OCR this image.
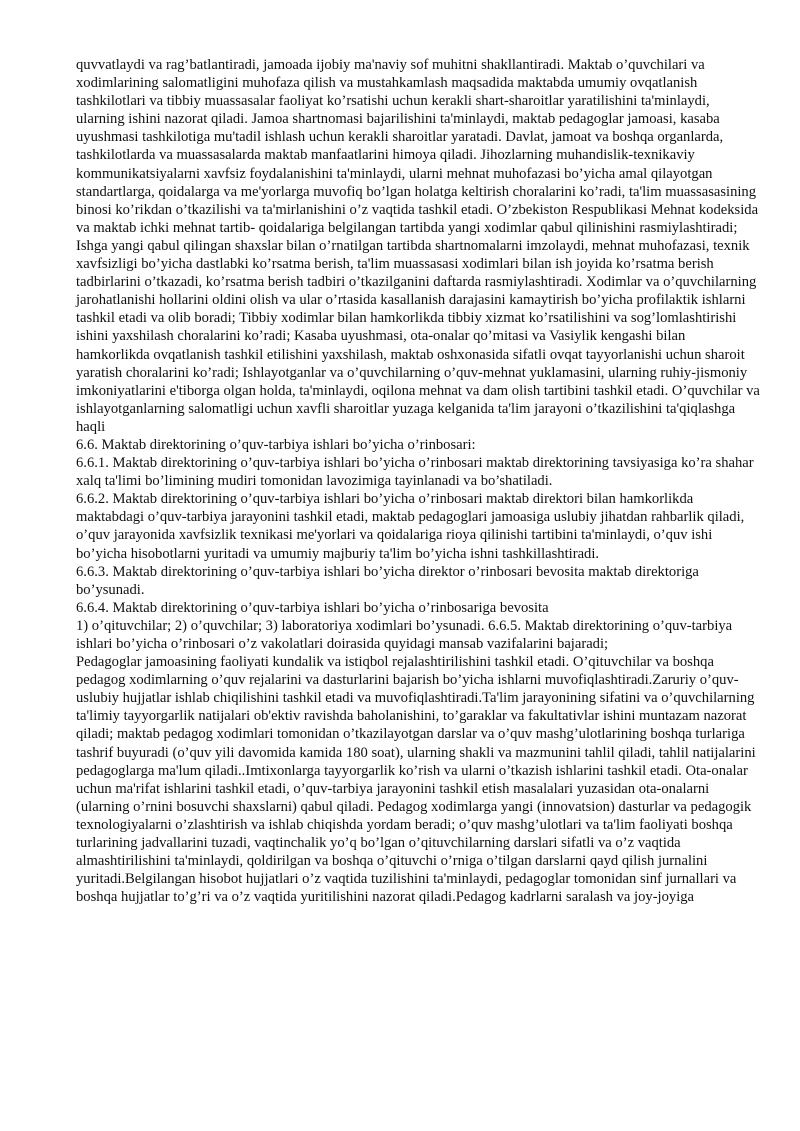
quvvatlaydi va rag’batlantiradi, jamoada ijobiy ma'naviy sof muhitni shakllantiradi. Maktab o’quvchilari va xodimlarining salomatligini muhofaza qilish va mustahkamlash maqsadida maktabda umumiy ovqatlanish tashkilotlari va tibbiy muassasalar faoliyat ko’rsatishi uchun kerakli shart-sharoitlar yaratilishini ta'minlaydi, ularning ishini nazorat qiladi. Jamoa shartnomasi bajarilishini ta'minlaydi, maktab pedagoglar jamoasi, kasaba uyushmasi tashkilotiga mu'tadil ishlash uchun kerakli sharoitlar yaratadi. Davlat, jamoat va boshqa organlarda, tashkilotlarda va muassasalarda maktab manfaatlarini himoya qiladi. Jihozlarning muhandislik-texnikaviy kommunikatsiyalarni xavfsiz foydalanishini ta'minlaydi, ularni mehnat muhofazasi bo’yicha amal qilayotgan standartlarga, qoidalarga va me'yorlarga muvofiq bo’lgan holatga keltirish choralarini ko’radi, ta'lim muassasasining binosi ko’rikdan o’tkazilishi va ta'mirlanishini o’z vaqtida tashkil etadi. O’zbekiston Respublikasi Mehnat kodeksida va maktab ichki mehnat tartib- qoidalariga belgilangan tartibda yangi xodimlar qabul qilinishini rasmiylashtiradi; Ishga yangi qabul qilingan shaxslar bilan o’rnatilgan tartibda shartnomalarni imzolaydi, mehnat muhofazasi, texnik xavfsizligi bo’yicha dastlabki ko’rsatma berish, ta'lim muassasasi xodimlari bilan ish joyida ko’rsatma berish tadbirlarini o’tkazadi, ko’rsatma berish tadbiri o’tkazilganini daftarda rasmiylashtiradi. Xodimlar va o’quvchilarning jarohatlanishi hollarini oldini olish va ular o’rtasida kasallanish darajasini kamaytirish bo’yicha profilaktik ishlarni tashkil etadi va olib boradi; Tibbiy xodimlar bilan hamkorlikda tibbiy xizmat ko’rsatilishini va sog’lomlashtirishi ishini yaxshilash choralarini ko’radi; Kasaba uyushmasi, ota-onalar qo’mitasi va Vasiylik kengashi bilan hamkorlikda ovqatlanish tashkil etilishini yaxshilash, maktab oshxonasida sifatli ovqat tayyorlanishi uchun sharoit yaratish choralarini ko’radi; Ishlayotganlar va o’quvchilarning o’quv-mehnat yuklamasini, ularning ruhiy-jismoniy imkoniyatlarini e'tiborga olgan holda, ta'minlaydi, oqilona mehnat va dam olish tartibini tashkil etadi. O’quvchilar va ishlayotganlarning salomatligi uchun xavfli sharoitlar yuzaga kelganida ta'lim jarayoni o’tkazilishini ta'qiqlashga haqli

6.6. Maktab direktorining o’quv-tarbiya ishlari bo’yicha o’rinbosari:

6.6.1. Maktab direktorining o’quv-tarbiya ishlari bo’yicha o’rinbosari maktab direktorining tavsiyasiga ko’ra shahar xalq ta'limi bo’limining mudiri tomonidan lavozimiga tayinlanadi va bo’shatiladi.

6.6.2. Maktab direktorining o’quv-tarbiya ishlari bo’yicha o’rinbosari maktab direktori bilan hamkorlikda maktabdagi o’quv-tarbiya jarayonini tashkil etadi, maktab pedagoglari jamoasiga uslubiy jihatdan rahbarlik qiladi, o’quv jarayonida xavfsizlik texnikasi me'yorlari va qoidalariga rioya qilinishi tartibini ta'minlaydi, o’quv ishi bo’yicha hisobotlarni yuritadi va umumiy majburiy ta'lim bo’yicha ishni tashkillashtiradi.

6.6.3. Maktab direktorining o’quv-tarbiya ishlari bo’yicha direktor o’rinbosari bevosita maktab direktoriga bo’ysunadi.

6.6.4. Maktab direktorining o’quv-tarbiya ishlari bo’yicha o’rinbosariga bevosita

1) o’qituvchilar; 2) o’quvchilar; 3) laboratoriya xodimlari bo’ysunadi. 6.6.5. Maktab direktorining o’quv-tarbiya ishlari bo’yicha o’rinbosari o’z vakolatlari doirasida quyidagi mansab vazifalarini bajaradi;

Pedagoglar jamoasining faoliyati kundalik va istiqbol rejalashtirilishini tashkil etadi. O’qituvchilar va boshqa pedagog xodimlarning o’quv rejalarini va dasturlarini bajarish bo’yicha ishlarni muvofiqlashtiradi.Zaruriy o’quv-uslubiy hujjatlar ishlab chiqilishini tashkil etadi va muvofiqlashtiradi.Ta'lim jarayonining sifatini va o’quvchilarning ta'limiy tayyorgarlik natijalari ob'ektiv ravishda baholanishini, to’garaklar va fakultativlar ishini muntazam nazorat qiladi; maktab pedagog xodimlari tomonidan o’tkazilayotgan darslar va o’quv mashg’ulotlarining boshqa turlariga tashrif buyuradi (o’quv yili davomida kamida 180 soat), ularning shakli va mazmunini tahlil qiladi, tahlil natijalarini pedagoglarga ma'lum qiladi..Imtixonlarga tayyorgarlik ko’rish va ularni o’tkazish ishlarini tashkil etadi. Ota-onalar uchun ma'rifat ishlarini tashkil etadi, o’quv-tarbiya jarayonini tashkil etish masalalari yuzasidan ota-onalarni (ularning o’rnini bosuvchi shaxslarni) qabul qiladi. Pedagog xodimlarga yangi (innovatsion) dasturlar va pedagogik texnologiyalarni o’zlashtirish va ishlab chiqishda yordam beradi; o’quv mashg’ulotlari va ta'lim faoliyati boshqa turlarining jadvallarini tuzadi, vaqtinchalik yo’q bo’lgan o’qituvchilarning darslari sifatli va o’z vaqtida almashtirilishini ta'minlaydi, qoldirilgan va boshqa o’qituvchi o’rniga o’tilgan darslarni qayd qilish jurnalini yuritadi.Belgilangan hisobot hujjatlari o’z vaqtida tuzilishini ta'minlaydi, pedagoglar tomonidan sinf jurnallari va boshqa hujjatlar to’g’ri va o’z vaqtida yuritilishini nazorat qiladi.Pedagog kadrlarni saralash va joy-joyiga
